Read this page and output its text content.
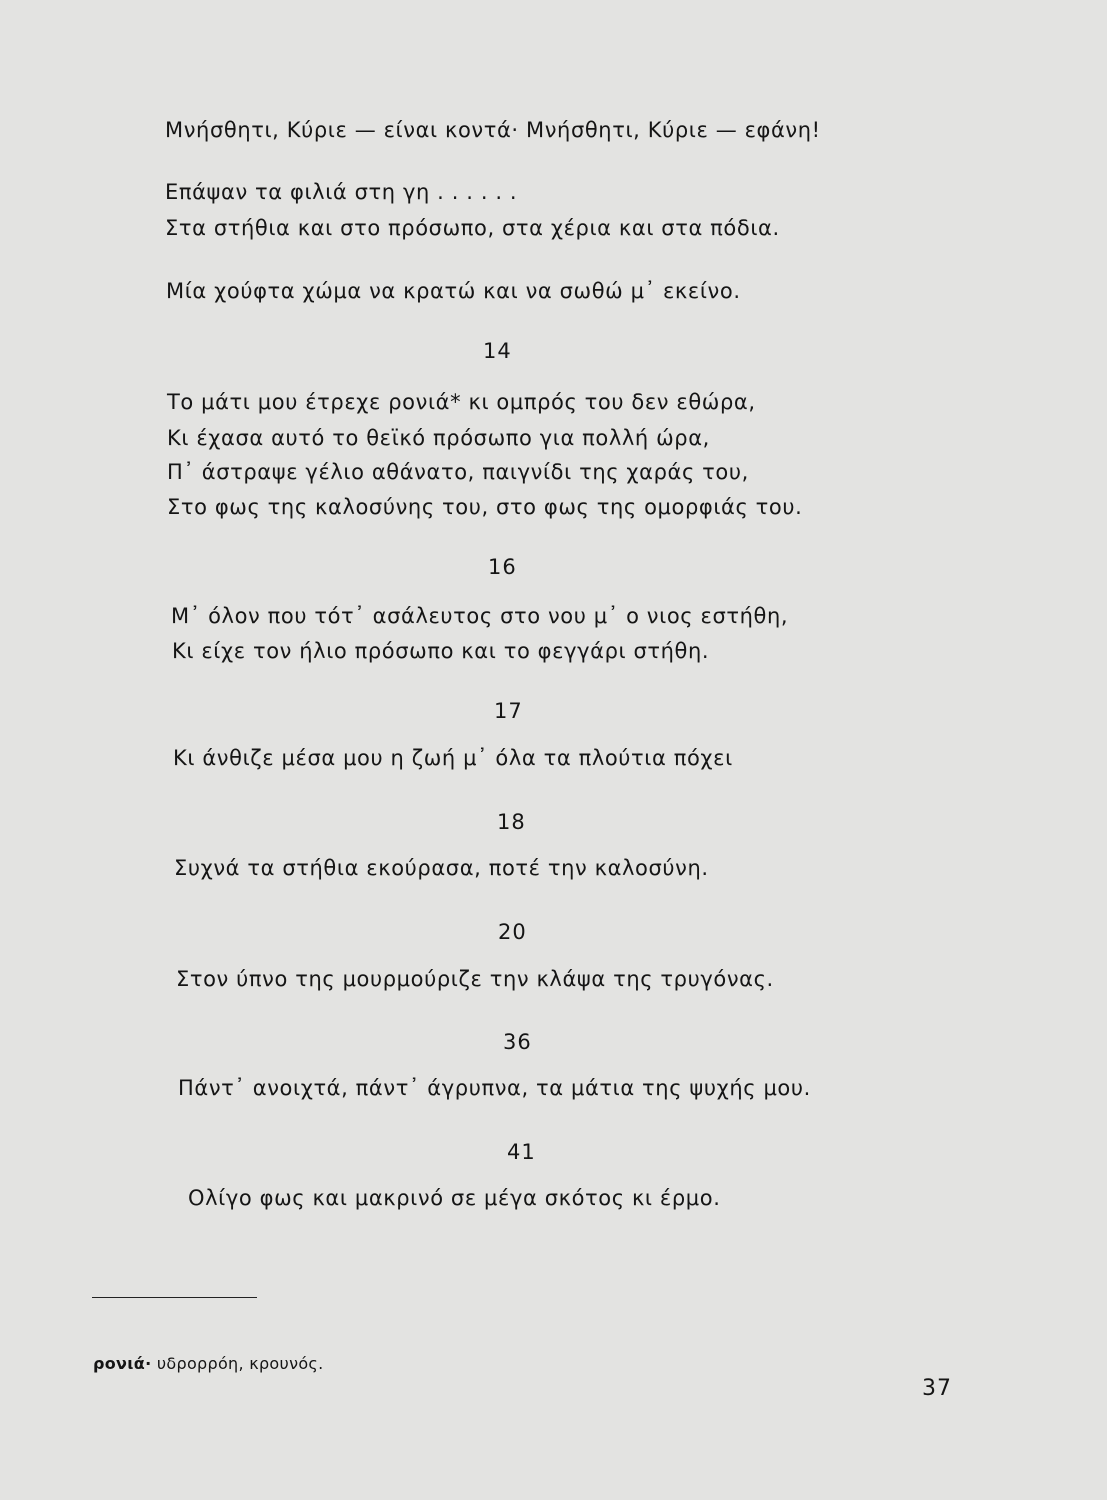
Μνήσθητι, Κύριε — είναι κοντά· Μνήσθητι, Κύριε — εφάνη!
Επάψαν τα φιλιά στη γη . . . . . .
Στα στήθια και στο πρόσωπο, στα χέρια και στα πόδια.
Μία χούφτα χώμα να κρατώ και να σωθώ μ᾽ εκείνο.
14
Το μάτι μου έτρεχε ρονιά* κι ομπρός του δεν εθώρα,
Κι έχασα αυτό το θεϊκό πρόσωπο για πολλή ώρα,
Π᾽ άστραψε γέλιο αθάνατο, παιγνίδι της χαράς του,
Στο φως της καλοσύνης του, στο φως της ομορφιάς του.
16
Μ᾽ όλον που τότ᾽ ασάλευτος στο νου μ᾽ ο νιος εστήθη,
Κι είχε τον ήλιο πρόσωπο και το φεγγάρι στήθη.
17
Κι άνθιζε μέσα μου η ζωή μ᾽ όλα τα πλούτια πόχει
18
Συχνά τα στήθια εκούρασα, ποτέ την καλοσύνη.
20
Στον ύπνο της μουρμούριζε την κλάψα της τρυγόνας.
36
Πάντ᾽ ανοιχτά, πάντ᾽ άγρυπνα, τα μάτια της ψυχής μου.
41
Ολίγο φως και μακρινό σε μέγα σκότος κι έρμο.
ρονιά· υδρορρόη, κρουνός.
37
